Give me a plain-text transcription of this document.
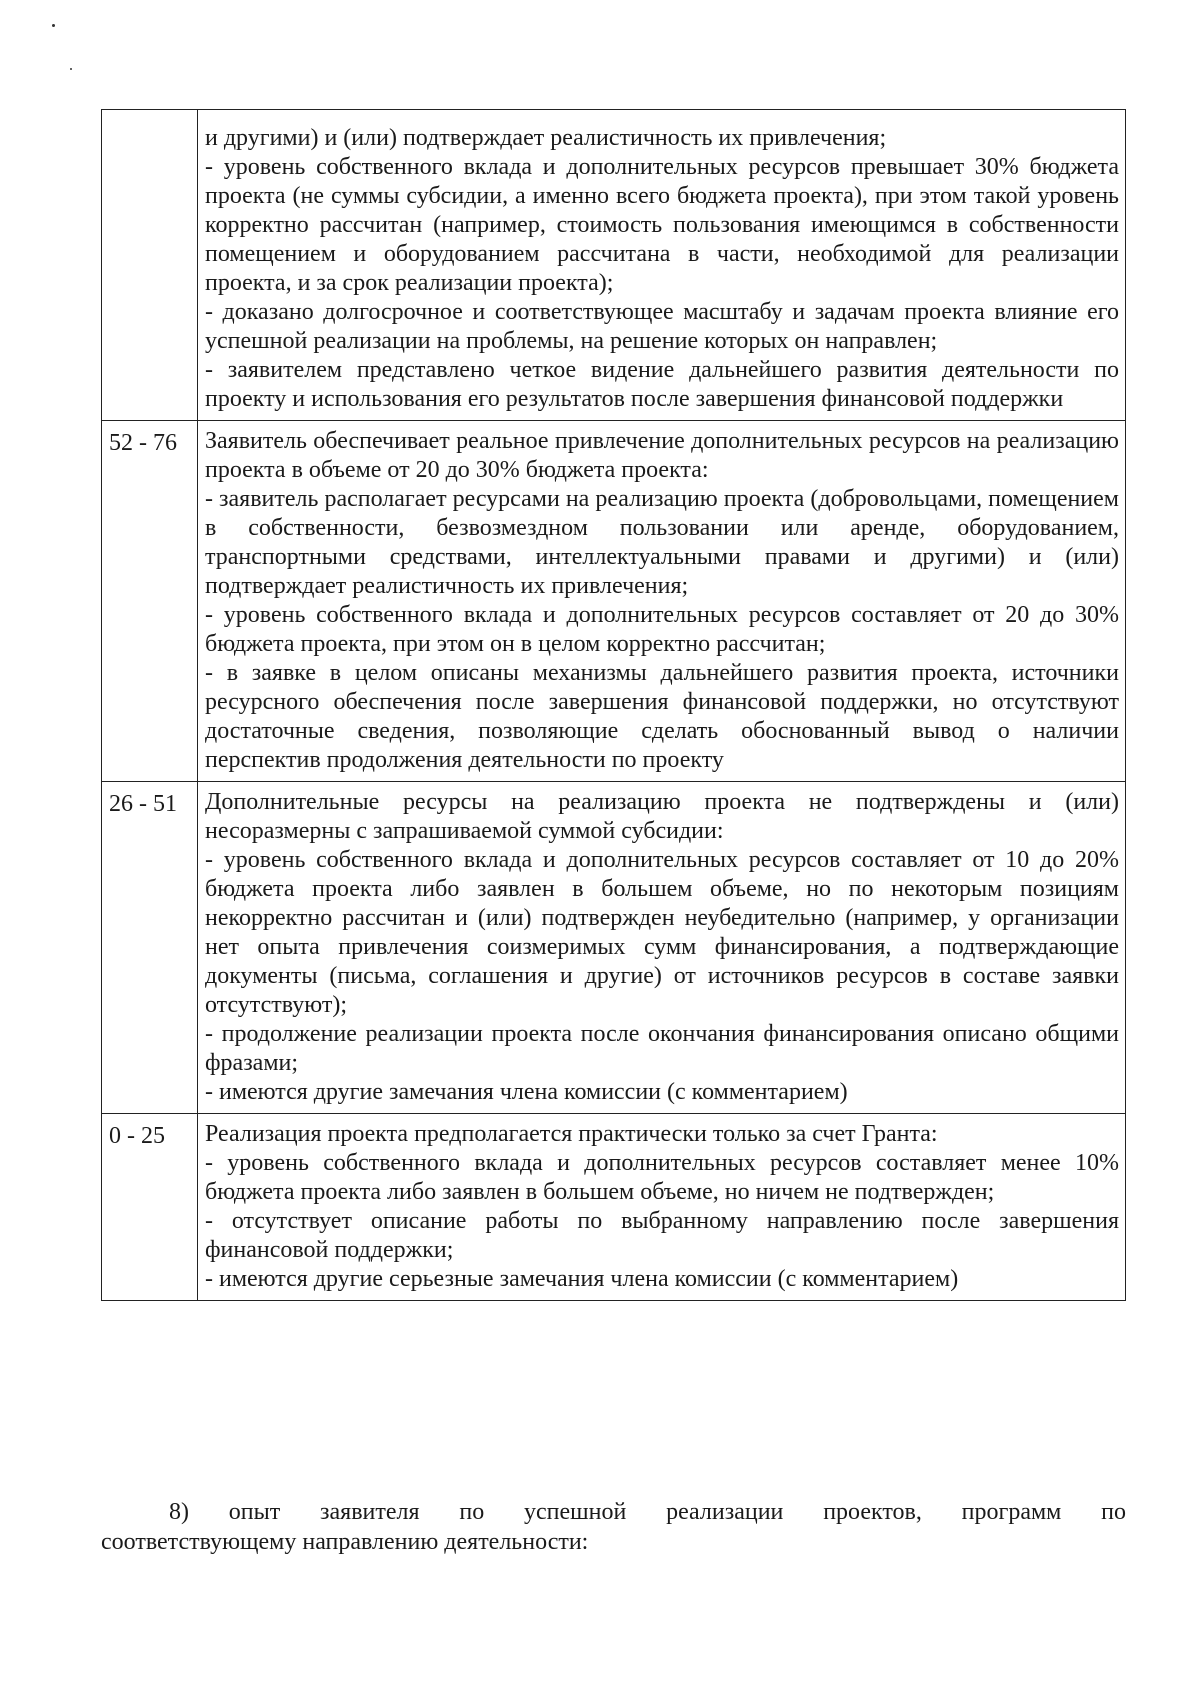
	и другими) и (или) подтверждает реалистичность их привлечения;

- уровень собственного вклада и дополнительных ресурсов превышает 30% бюджета проекта (не суммы субсидии, а именно всего бюджета проекта), при этом такой уровень корректно рассчитан (например, стоимость пользования имеющимся в собственности помещением и оборудованием рассчитана в части, необходимой для реализации проекта, и за срок реализации проекта);

- доказано долгосрочное и соответствующее масштабу и задачам проекта влияние его успешной реализации на проблемы, на решение которых он направлен;

- заявителем представлено четкое видение дальнейшего развития деятельности по проекту и использования его результатов после завершения финансовой поддержки

52 - 76	Заявитель обеспечивает реальное привлечение дополнительных ресурсов на реализацию проекта в объеме от 20 до 30% бюджета проекта:

- заявитель располагает ресурсами на реализацию проекта (добровольцами, помещением в собственности, безвозмездном пользовании или аренде, оборудованием, транспортными средствами, интеллектуальными правами и другими) и (или) подтверждает реалистичность их привлечения;

- уровень собственного вклада и дополнительных ресурсов составляет от 20 до 30% бюджета проекта, при этом он в целом корректно рассчитан;

- в заявке в целом описаны механизмы дальнейшего развития проекта, источники ресурсного обеспечения после завершения финансовой поддержки, но отсутствуют достаточные сведения, позволяющие сделать обоснованный вывод о наличии перспектив продолжения деятельности по проекту

26 - 51	Дополнительные ресурсы на реализацию проекта не подтверждены и (или) несоразмерны с запрашиваемой суммой субсидии:

- уровень собственного вклада и дополнительных ресурсов составляет от 10 до 20% бюджета проекта либо заявлен в большем объеме, но по некоторым позициям некорректно рассчитан и (или) подтвержден неубедительно (например, у организации нет опыта привлечения соизмеримых сумм финансирования, а подтверждающие документы (письма, соглашения и другие) от источников ресурсов в составе заявки отсутствуют);

- продолжение реализации проекта после окончания финансирования описано общими фразами;

- имеются другие замечания члена комиссии (с комментарием)

0 - 25	Реализация проекта предполагается практически только за счет Гранта:

- уровень собственного вклада и дополнительных ресурсов составляет менее 10% бюджета проекта либо заявлен в большем объеме, но ничем не подтвержден;

- отсутствует описание работы по выбранному направлению после завершения финансовой поддержки;

- имеются другие серьезные замечания члена комиссии (с комментарием)

8) опыт заявителя по успешной реализации проектов, программ по соответствующему направлению деятельности:
